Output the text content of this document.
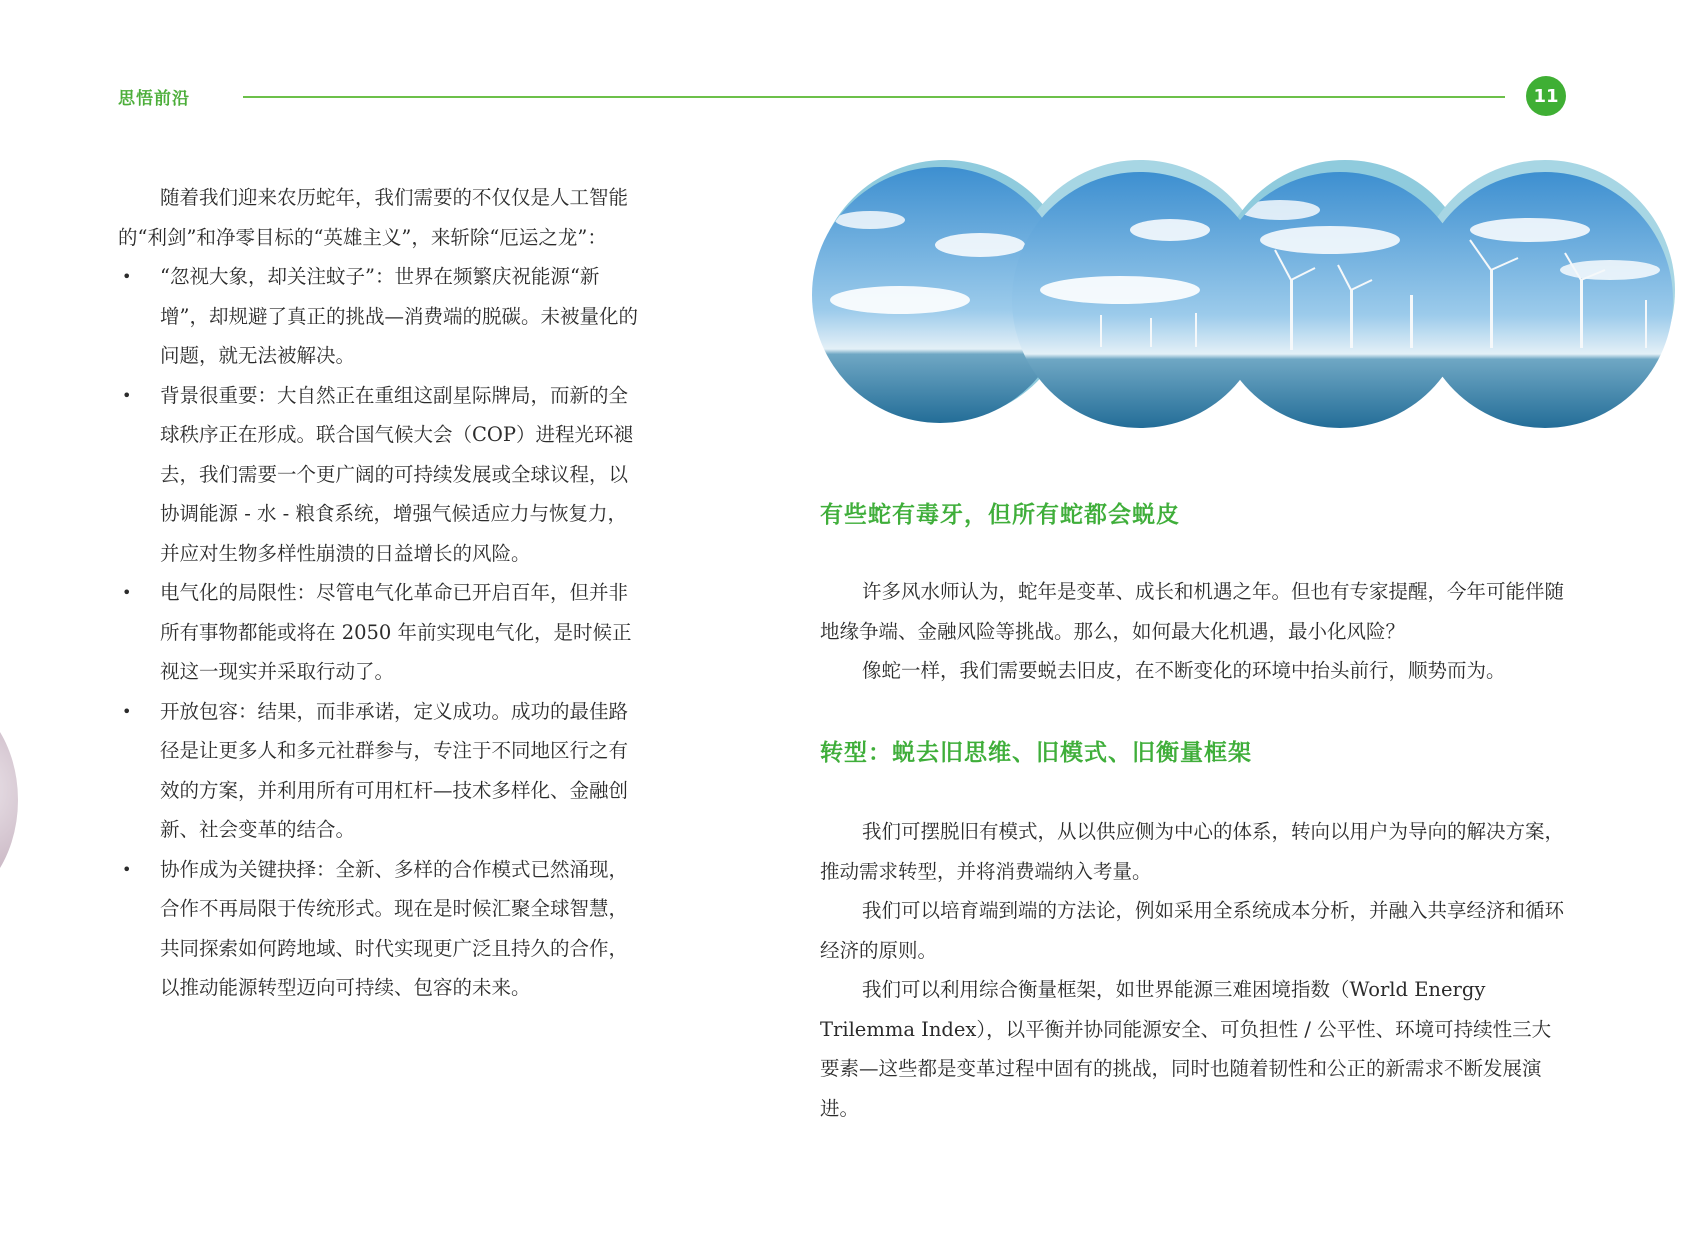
思悟前沿	11

随着我们迎来农历蛇年，我们需要的不仅仅是人工智能的“利剑”和净零目标的“英雄主义”，来斩除“厄运之龙”：

• “忽视大象，却关注蚊子”：世界在频繁庆祝能源“新增”，却规避了真正的挑战—消费端的脱碳。未被量化的问题，就无法被解决。
• 背景很重要：大自然正在重组这副星际牌局，而新的全球秩序正在形成。联合国气候大会（COP）进程光环褪去，我们需要一个更广阔的可持续发展或全球议程，以协调能源 - 水 - 粮食系统，增强气候适应力与恢复力，并应对生物多样性崩溃的日益增长的风险。
• 电气化的局限性：尽管电气化革命已开启百年，但并非所有事物都能或将在 2050 年前实现电气化，是时候正视这一现实并采取行动了。
• 开放包容：结果，而非承诺，定义成功。成功的最佳路径是让更多人和多元社群参与，专注于不同地区行之有效的方案，并利用所有可用杠杆—技术多样化、金融创新、社会变革的结合。
• 协作成为关键抉择：全新、多样的合作模式已然涌现，合作不再局限于传统形式。现在是时候汇聚全球智慧，共同探索如何跨地域、时代实现更广泛且持久的合作，以推动能源转型迈向可持续、包容的未来。
有些蛇有毒牙，但所有蛇都会蜕皮

许多风水师认为，蛇年是变革、成长和机遇之年。但也有专家提醒，今年可能伴随地缘争端、金融风险等挑战。那么，如何最大化机遇，最小化风险？

像蛇一样，我们需要蜕去旧皮，在不断变化的环境中抬头前行，顺势而为。

转型：蜕去旧思维、旧模式、旧衡量框架

我们可摆脱旧有模式，从以供应侧为中心的体系，转向以用户为导向的解决方案，推动需求转型，并将消费端纳入考量。

我们可以培育端到端的方法论，例如采用全系统成本分析，并融入共享经济和循环经济的原则。

我们可以利用综合衡量框架，如世界能源三难困境指数（World Energy Trilemma Index），以平衡并协同能源安全、可负担性 / 公平性、环境可持续性三大要素—这些都是变革过程中固有的挑战，同时也随着韧性和公正的新需求不断发展演进。
